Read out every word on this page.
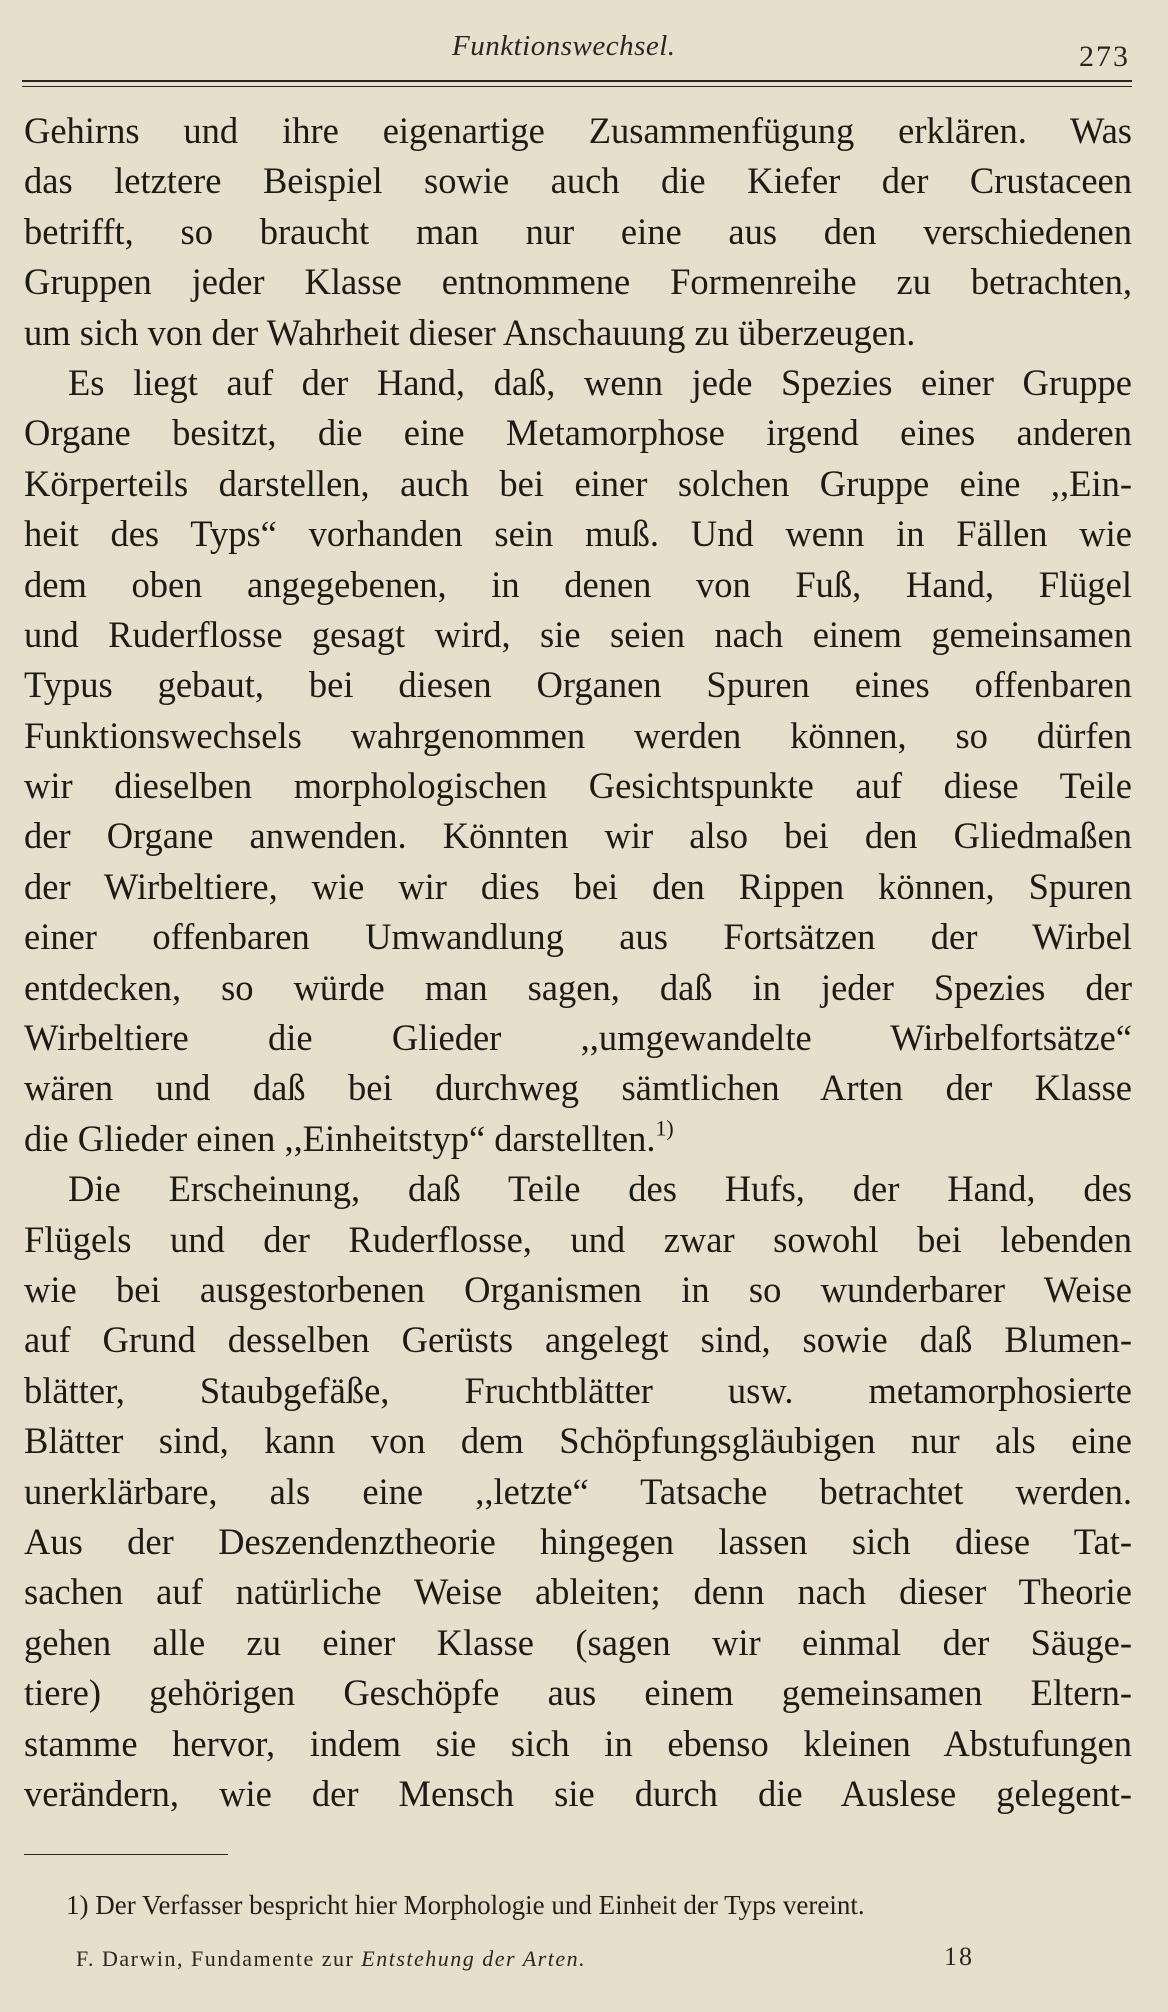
Funktionswechsel.	273
Gehirns und ihre eigenartige Zusammenfügung erklären. Was
das letztere Beispiel sowie auch die Kiefer der Crustaceen
betrifft, so braucht man nur eine aus den verschiedenen
Gruppen jeder Klasse entnommene Formenreihe zu betrachten,
um sich von der Wahrheit dieser Anschauung zu überzeugen.
Es liegt auf der Hand, daß, wenn jede Spezies einer Gruppe
Organe besitzt, die eine Metamorphose irgend eines anderen
Körperteils darstellen, auch bei einer solchen Gruppe eine ,,Ein-
heit des Typs“ vorhanden sein muß. Und wenn in Fällen wie
dem oben angegebenen, in denen von Fuß, Hand, Flügel
und Ruderflosse gesagt wird, sie seien nach einem gemeinsamen
Typus gebaut, bei diesen Organen Spuren eines offenbaren
Funktionswechsels wahrgenommen werden können, so dürfen
wir dieselben morphologischen Gesichtspunkte auf diese Teile
der Organe anwenden. Könnten wir also bei den Gliedmaßen
der Wirbeltiere, wie wir dies bei den Rippen können, Spuren
einer offenbaren Umwandlung aus Fortsätzen der Wirbel
entdecken, so würde man sagen, daß in jeder Spezies der
Wirbeltiere die Glieder ,,umgewandelte Wirbelfortsätze“
wären und daß bei durchweg sämtlichen Arten der Klasse
die Glieder einen ,,Einheitstyp“ darstellten.$^{1)}$
Die Erscheinung, daß Teile des Hufs, der Hand, des
Flügels und der Ruderflosse, und zwar sowohl bei lebenden
wie bei ausgestorbenen Organismen in so wunderbarer Weise
auf Grund desselben Gerüsts angelegt sind, sowie daß Blumen-
blätter, Staubgefäße, Fruchtblätter usw. metamorphosierte
Blätter sind, kann von dem Schöpfungsgläubigen nur als eine
unerklärbare, als eine ,,letzte“ Tatsache betrachtet werden.
Aus der Deszendenztheorie hingegen lassen sich diese Tat-
sachen auf natürliche Weise ableiten; denn nach dieser Theorie
gehen alle zu einer Klasse (sagen wir einmal der Säuge-
tiere) gehörigen Geschöpfe aus einem gemeinsamen Eltern-
stamme hervor, indem sie sich in ebenso kleinen Abstufungen
verändern, wie der Mensch sie durch die Auslese gelegent-
1) Der Verfasser bespricht hier Morphologie und Einheit der Typs vereint.
F. Darwin, Fundamente zur Entstehung der Arten.	18
